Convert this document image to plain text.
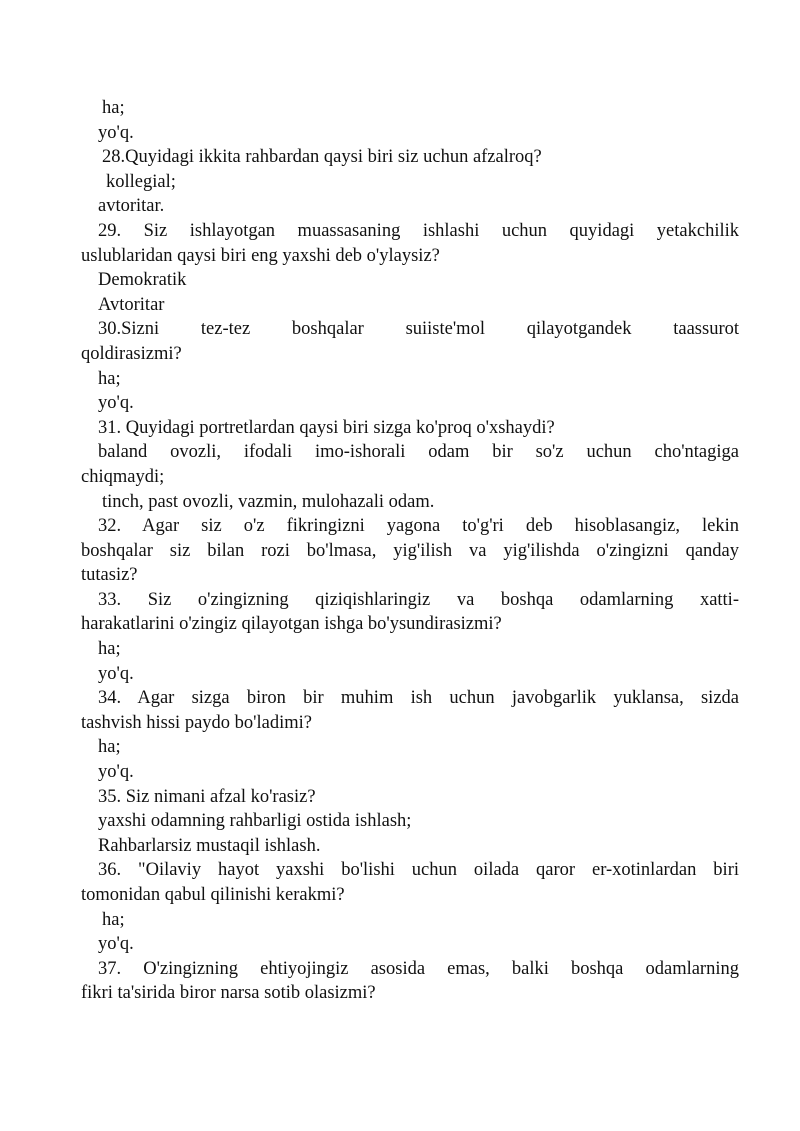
ha;
yo'q.
28.Quyidagi ikkita rahbardan qaysi biri siz uchun afzalroq?
kollegial;
avtoritar.
29. Siz ishlayotgan muassasaning ishlashi uchun quyidagi yetakchilik
uslublaridan qaysi biri eng yaxshi deb o'ylaysiz?
Demokratik
Avtoritar
30.Sizni tez-tez boshqalar suiiste'mol qilayotgandek taassurot
qoldirasizmi?
ha;
yo'q.
31. Quyidagi portretlardan qaysi biri sizga ko'proq o'xshaydi?
baland ovozli, ifodali imo-ishorali odam bir so'z uchun cho'ntagiga
chiqmaydi;
tinch, past ovozli, vazmin, mulohazali odam.
32. Agar siz o'z fikringizni yagona to'g'ri deb hisoblasangiz, lekin
boshqalar siz bilan rozi bo'lmasa, yig'ilish va yig'ilishda o'zingizni qanday
tutasiz?
33. Siz o'zingizning qiziqishlaringiz va boshqa odamlarning xatti-
harakatlarini o'zingiz qilayotgan ishga bo'ysundirasizmi?
ha;
yo'q.
34. Agar sizga biron bir muhim ish uchun javobgarlik yuklansa, sizda
tashvish hissi paydo bo'ladimi?
ha;
yo'q.
35. Siz nimani afzal ko'rasiz?
yaxshi odamning rahbarligi ostida ishlash;
Rahbarlarsiz mustaqil ishlash.
36. "Oilaviy hayot yaxshi bo'lishi uchun oilada qaror er-xotinlardan biri
tomonidan qabul qilinishi kerakmi?
ha;
yo'q.
37. O'zingizning ehtiyojingiz asosida emas, balki boshqa odamlarning
fikri ta'sirida biror narsa sotib olasizmi?
